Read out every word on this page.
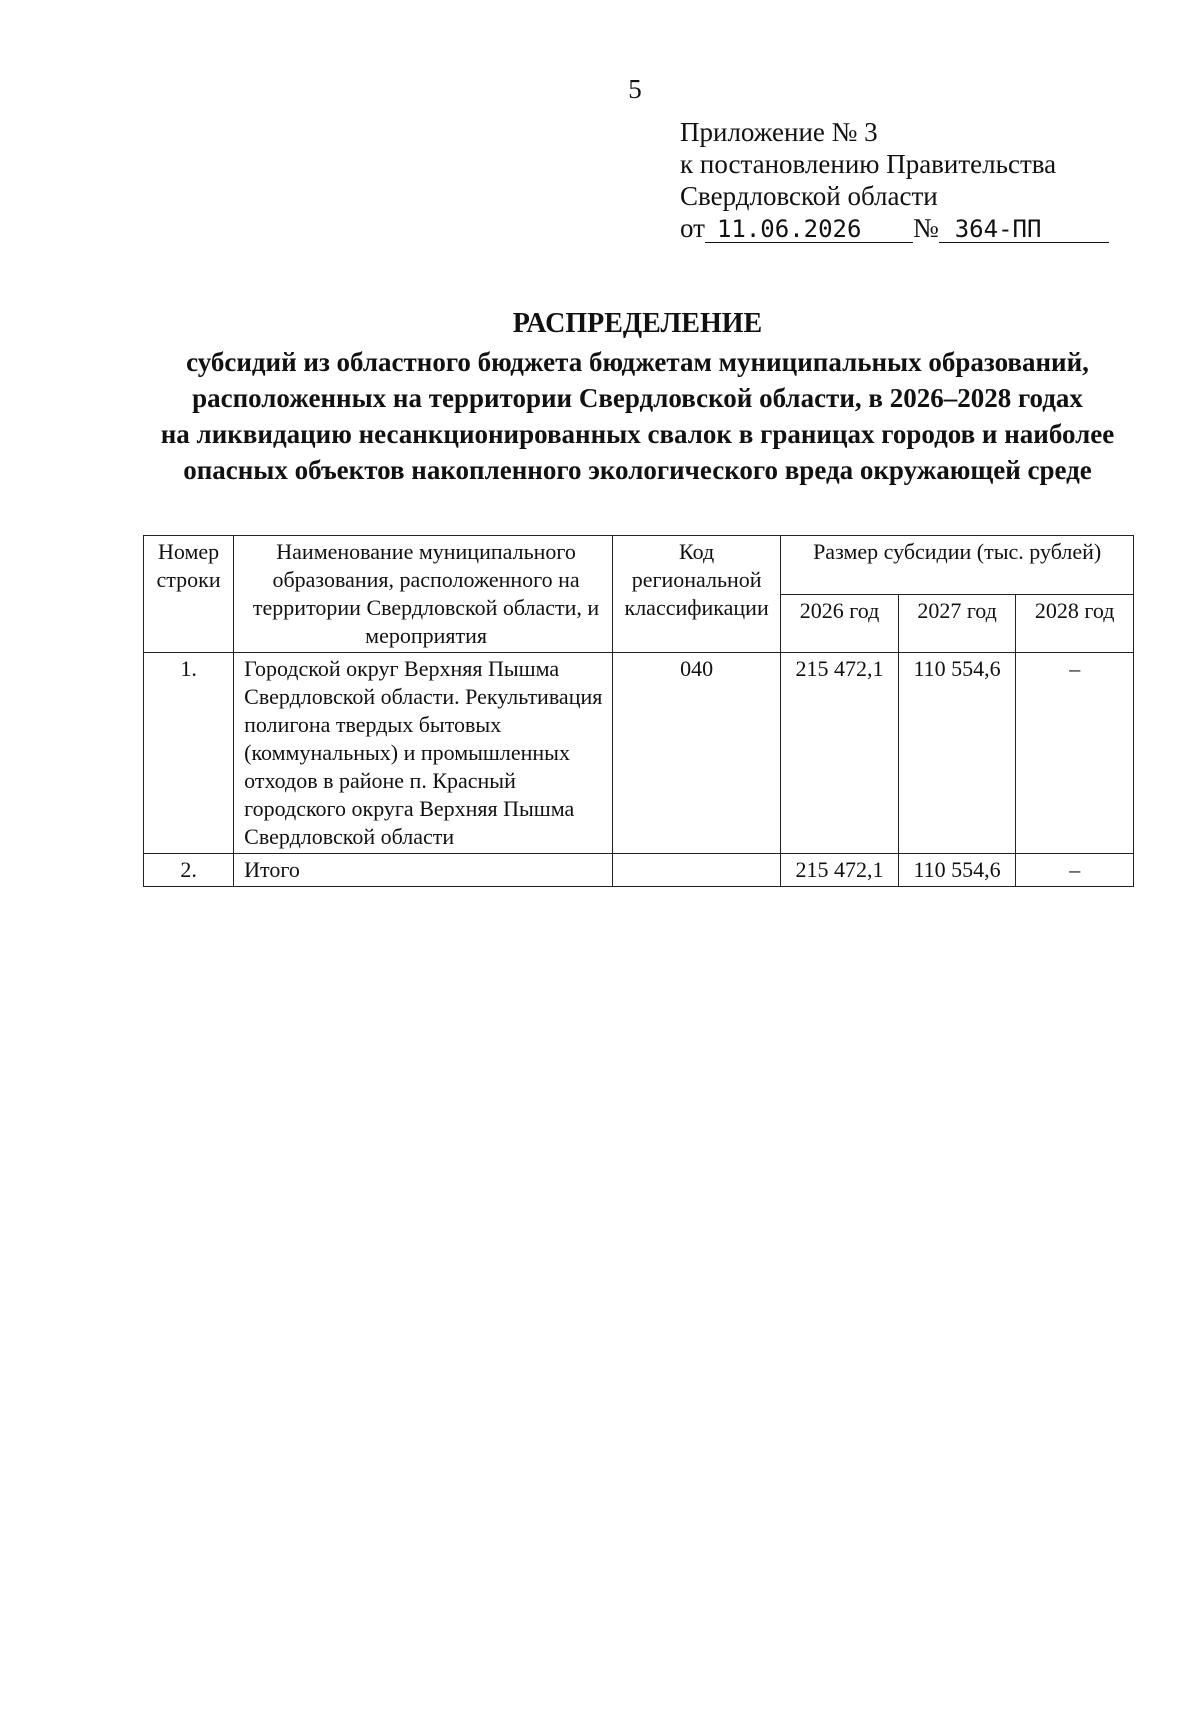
5
Приложение № 3
к постановлению Правительства
Свердловской области
от 11.06.2026 № 364-ПП
РАСПРЕДЕЛЕНИЕ
субсидий из областного бюджета бюджетам муниципальных образований,
расположенных на территории Свердловской области, в 2026–2028 годах
на ликвидацию несанкционированных свалок в границах городов и наиболее
опасных объектов накопленного экологического вреда окружающей среде
Номер строки	Наименование муниципального образования, расположенного на территории Свердловской области, и мероприятия	Код региональной классификации	Размер субсидии (тыс. рублей)		
			2026 год	2027 год	2028 год
1.	Городской округ Верхняя Пышма Свердловской области. Рекультивация полигона твердых бытовых (коммунальных) и промышленных отходов в районе п. Красный городского округа Верхняя Пышма Свердловской области	040	215 472,1	110 554,6	–
2.	Итого		215 472,1	110 554,6	–
